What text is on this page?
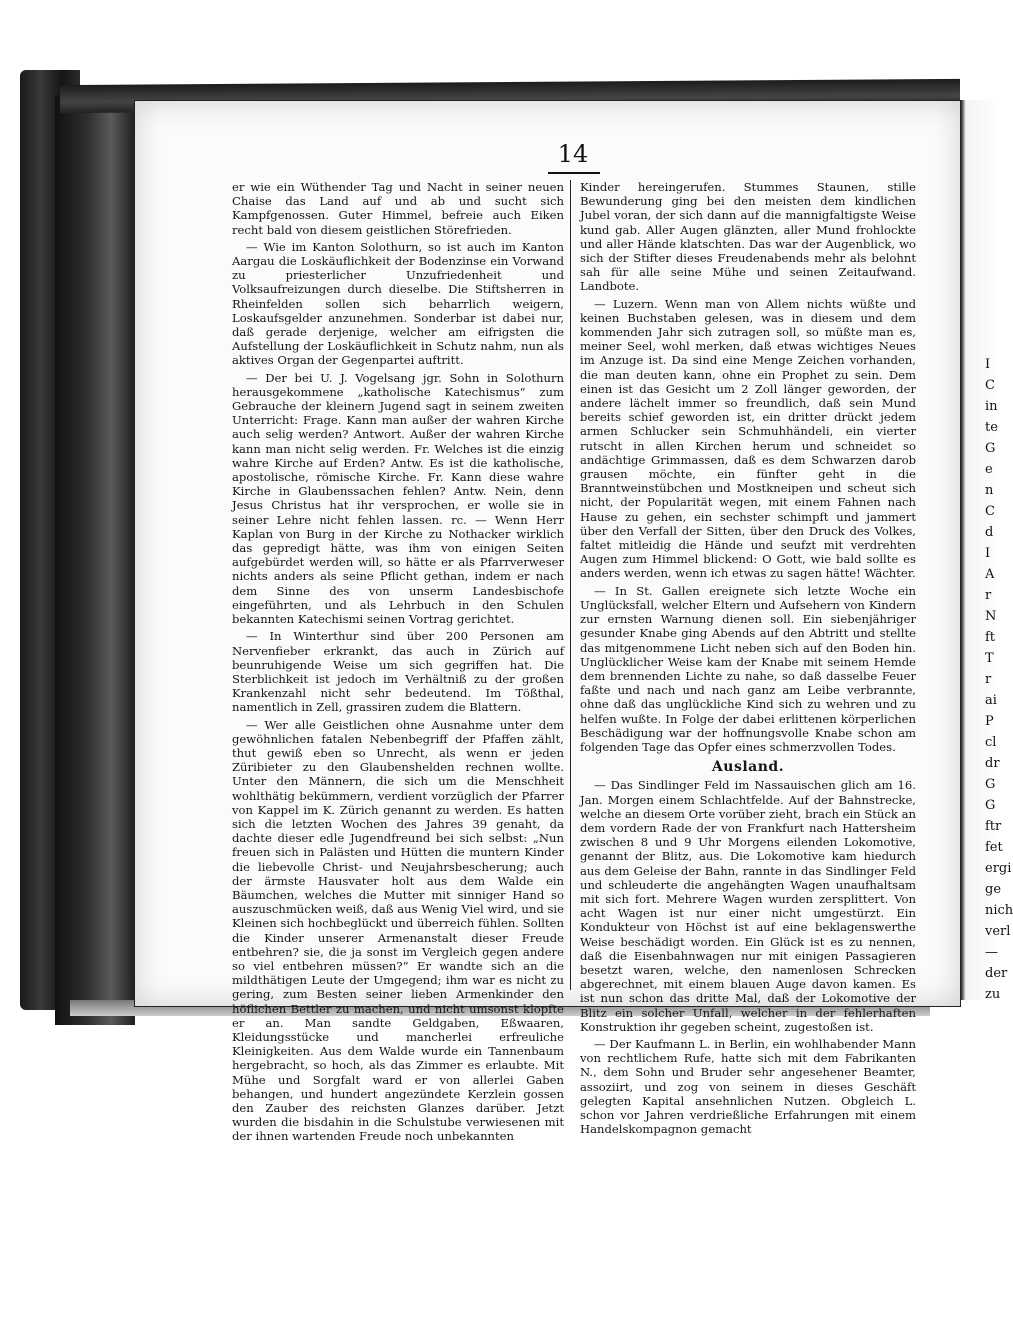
14

er wie ein Wüthender Tag und Nacht in seiner neuen Chaise das Land auf und ab und sucht sich Kampfgenossen. Guter Himmel, befreie auch Eiken recht bald von diesem geistlichen Störefrieden.

— Wie im Kanton Solothurn, so ist auch im Kanton Aargau die Loskäuflichkeit der Bodenzinse ein Vorwand zu priesterlicher Unzufriedenheit und Volksaufreizungen durch dieselbe. Die Stiftsherren in Rheinfelden sollen sich beharrlich weigern, Loskaufsgelder anzunehmen. Sonderbar ist dabei nur, daß gerade derjenige, welcher am eifrigsten die Aufstellung der Loskäuflichkeit in Schutz nahm, nun als aktives Organ der Gegenpartei auftritt.

— Der bei U. J. Vogelsang jgr. Sohn in Solothurn herausgekommene „katholische Katechismus“ zum Gebrauche der kleinern Jugend sagt in seinem zweiten Unterricht: Frage. Kann man außer der wahren Kirche auch selig werden? Antwort. Außer der wahren Kirche kann man nicht selig werden. Fr. Welches ist die einzig wahre Kirche auf Erden? Antw. Es ist die katholische, apostolische, römische Kirche. Fr. Kann diese wahre Kirche in Glaubenssachen fehlen? Antw. Nein, denn Jesus Christus hat ihr versprochen, er wolle sie in seiner Lehre nicht fehlen lassen. rc. — Wenn Herr Kaplan von Burg in der Kirche zu Nothacker wirklich das gepredigt hätte, was ihm von einigen Seiten aufgebürdet werden will, so hätte er als Pfarrverweser nichts anders als seine Pflicht gethan, indem er nach dem Sinne des von unserm Landesbischofe eingeführten, und als Lehrbuch in den Schulen bekannten Katechismi seinen Vortrag gerichtet.

— In Winterthur sind über 200 Personen am Nervenfieber erkrankt, das auch in Zürich auf beunruhigende Weise um sich gegriffen hat. Die Sterblichkeit ist jedoch im Verhältniß zu der großen Krankenzahl nicht sehr bedeutend. Im Tößthal, namentlich in Zell, grassiren zudem die Blattern.

— Wer alle Geistlichen ohne Ausnahme unter dem gewöhnlichen fatalen Nebenbegriff der Pfaffen zählt, thut gewiß eben so Unrecht, als wenn er jeden Züribieter zu den Glaubenshelden rechnen wollte. Unter den Männern, die sich um die Menschheit wohlthätig bekümmern, verdient vorzüglich der Pfarrer von Kappel im K. Zürich genannt zu werden. Es hatten sich die letzten Wochen des Jahres 39 genaht, da dachte dieser edle Jugendfreund bei sich selbst: „Nun freuen sich in Palästen und Hütten die muntern Kinder die liebevolle Christ- und Neujahrsbescherung; auch der ärmste Hausvater holt aus dem Walde ein Bäumchen, welches die Mutter mit sinniger Hand so auszuschmücken weiß, daß aus Wenig Viel wird, und sie Kleinen sich hochbeglückt und überreich fühlen. Sollten die Kinder unserer Armenanstalt dieser Freude entbehren? sie, die ja sonst im Vergleich gegen andere so viel entbehren müssen?“ Er wandte sich an die mildthätigen Leute der Umgegend; ihm war es nicht zu gering, zum Besten seiner lieben Armenkinder den höflichen Bettler zu machen, und nicht umsonst klopfte er an. Man sandte Geldgaben, Eßwaaren, Kleidungsstücke und mancherlei erfreuliche Kleinigkeiten. Aus dem Walde wurde ein Tannenbaum hergebracht, so hoch, als das Zimmer es erlaubte. Mit Mühe und Sorgfalt ward er von allerlei Gaben behangen, und hundert angezündete Kerzlein gossen den Zauber des reichsten Glanzes darüber. Jetzt wurden die bisdahin in die Schulstube verwiesenen mit der ihnen wartenden Freude noch unbekannten

Kinder hereingerufen. Stummes Staunen, stille Bewunderung ging bei den meisten dem kindlichen Jubel voran, der sich dann auf die mannigfaltigste Weise kund gab. Aller Augen glänzten, aller Mund frohlockte und aller Hände klatschten. Das war der Augenblick, wo sich der Stifter dieses Freudenabends mehr als belohnt sah für alle seine Mühe und seinen Zeitaufwand. Landbote.

— Luzern. Wenn man von Allem nichts wüßte und keinen Buchstaben gelesen, was in diesem und dem kommenden Jahr sich zutragen soll, so müßte man es, meiner Seel, wohl merken, daß etwas wichtiges Neues im Anzuge ist. Da sind eine Menge Zeichen vorhanden, die man deuten kann, ohne ein Prophet zu sein. Dem einen ist das Gesicht um 2 Zoll länger geworden, der andere lächelt immer so freundlich, daß sein Mund bereits schief geworden ist, ein dritter drückt jedem armen Schlucker sein Schmuhhändeli, ein vierter rutscht in allen Kirchen herum und schneidet so andächtige Grimmassen, daß es dem Schwarzen darob grausen möchte, ein fünfter geht in die Branntweinstübchen und Mostkneipen und scheut sich nicht, der Popularität wegen, mit einem Fahnen nach Hause zu gehen, ein sechster schimpft und jammert über den Verfall der Sitten, über den Druck des Volkes, faltet mitleidig die Hände und seufzt mit verdrehten Augen zum Himmel blickend: O Gott, wie bald sollte es anders werden, wenn ich etwas zu sagen hätte! Wächter.

— In St. Gallen ereignete sich letzte Woche ein Unglücksfall, welcher Eltern und Aufsehern von Kindern zur ernsten Warnung dienen soll. Ein siebenjähriger gesunder Knabe ging Abends auf den Abtritt und stellte das mitgenommene Licht neben sich auf den Boden hin. Unglücklicher Weise kam der Knabe mit seinem Hemde dem brennenden Lichte zu nahe, so daß dasselbe Feuer faßte und nach und nach ganz am Leibe verbrannte, ohne daß das unglückliche Kind sich zu wehren und zu helfen wußte. In Folge der dabei erlittenen körperlichen Beschädigung war der hoffnungsvolle Knabe schon am folgenden Tage das Opfer eines schmerzvollen Todes.

Ausland.

— Das Sindlinger Feld im Nassauischen glich am 16. Jan. Morgen einem Schlachtfelde. Auf der Bahnstrecke, welche an diesem Orte vorüber zieht, brach ein Stück an dem vordern Rade der von Frankfurt nach Hattersheim zwischen 8 und 9 Uhr Morgens eilenden Lokomotive, genannt der Blitz, aus. Die Lokomotive kam hiedurch aus dem Geleise der Bahn, rannte in das Sindlinger Feld und schleuderte die angehängten Wagen unaufhaltsam mit sich fort. Mehrere Wagen wurden zersplittert. Von acht Wagen ist nur einer nicht umgestürzt. Ein Kondukteur von Höchst ist auf eine beklagenswerthe Weise beschädigt worden. Ein Glück ist es zu nennen, daß die Eisenbahnwagen nur mit einigen Passagieren besetzt waren, welche, den namenlosen Schrecken abgerechnet, mit einem blauen Auge davon kamen. Es ist nun schon das dritte Mal, daß der Lokomotive der Blitz ein solcher Unfall, welcher in der fehlerhaften Konstruktion ihr gegeben scheint, zugestoßen ist.

— Der Kaufmann L. in Berlin, ein wohlhabender Mann von rechtlichem Rufe, hatte sich mit dem Fabrikanten N., dem Sohn und Bruder sehr angesehener Beamter, assoziirt, und zog von seinem in dieses Geschäft gelegten Kapital ansehnlichen Nutzen. Obgleich L. schon vor Jahren verdrießliche Erfahrungen mit einem Handelskompagnon gemacht

I
C
in
te
G
e
n
C
d
I
A
r
N
ft
T
r
ai
P
cl
dr
G
G
ftr
fet
ergi
ge
nich
verl
—
der
zu
